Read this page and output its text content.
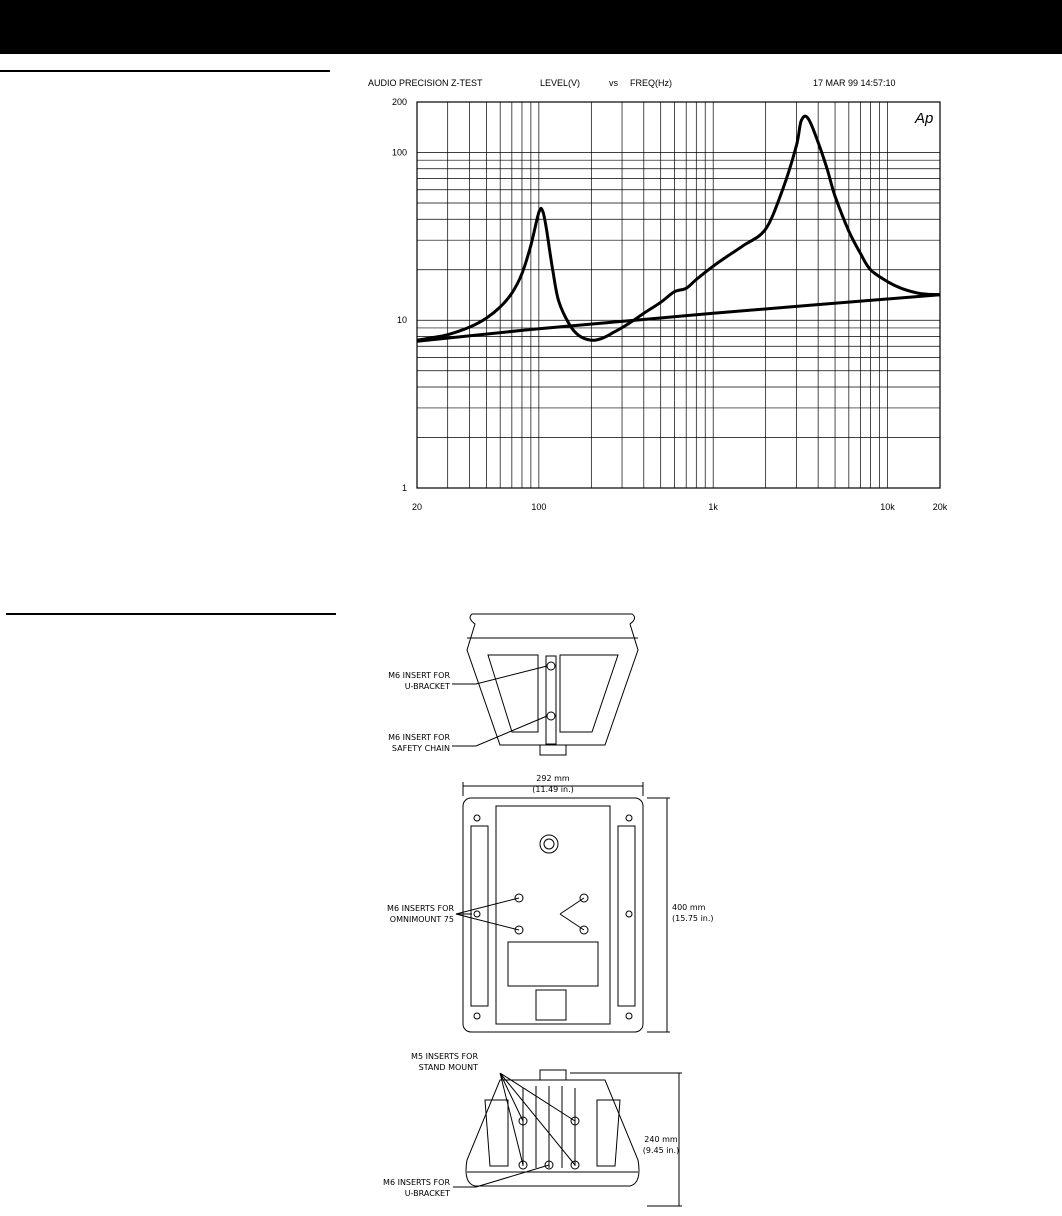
AUDIO PRECISION Z-TEST	LEVEL(V)	vs FREQ(Hz)	17 MAR 99 14:57:10
Ap
1
10
100
200
20	100	1k	10k	20k
M6 INSERT FOR
U-BRACKET
M6 INSERT FOR
SAFETY CHAIN
292 mm
(11.49 in.)
400 mm
(15.75 in.)
M6 INSERTS FOR
OMNIMOUNT 75
M5 INSERTS FOR
STAND MOUNT
M6 INSERTS FOR
U-BRACKET
240 mm
(9.45 in.)
